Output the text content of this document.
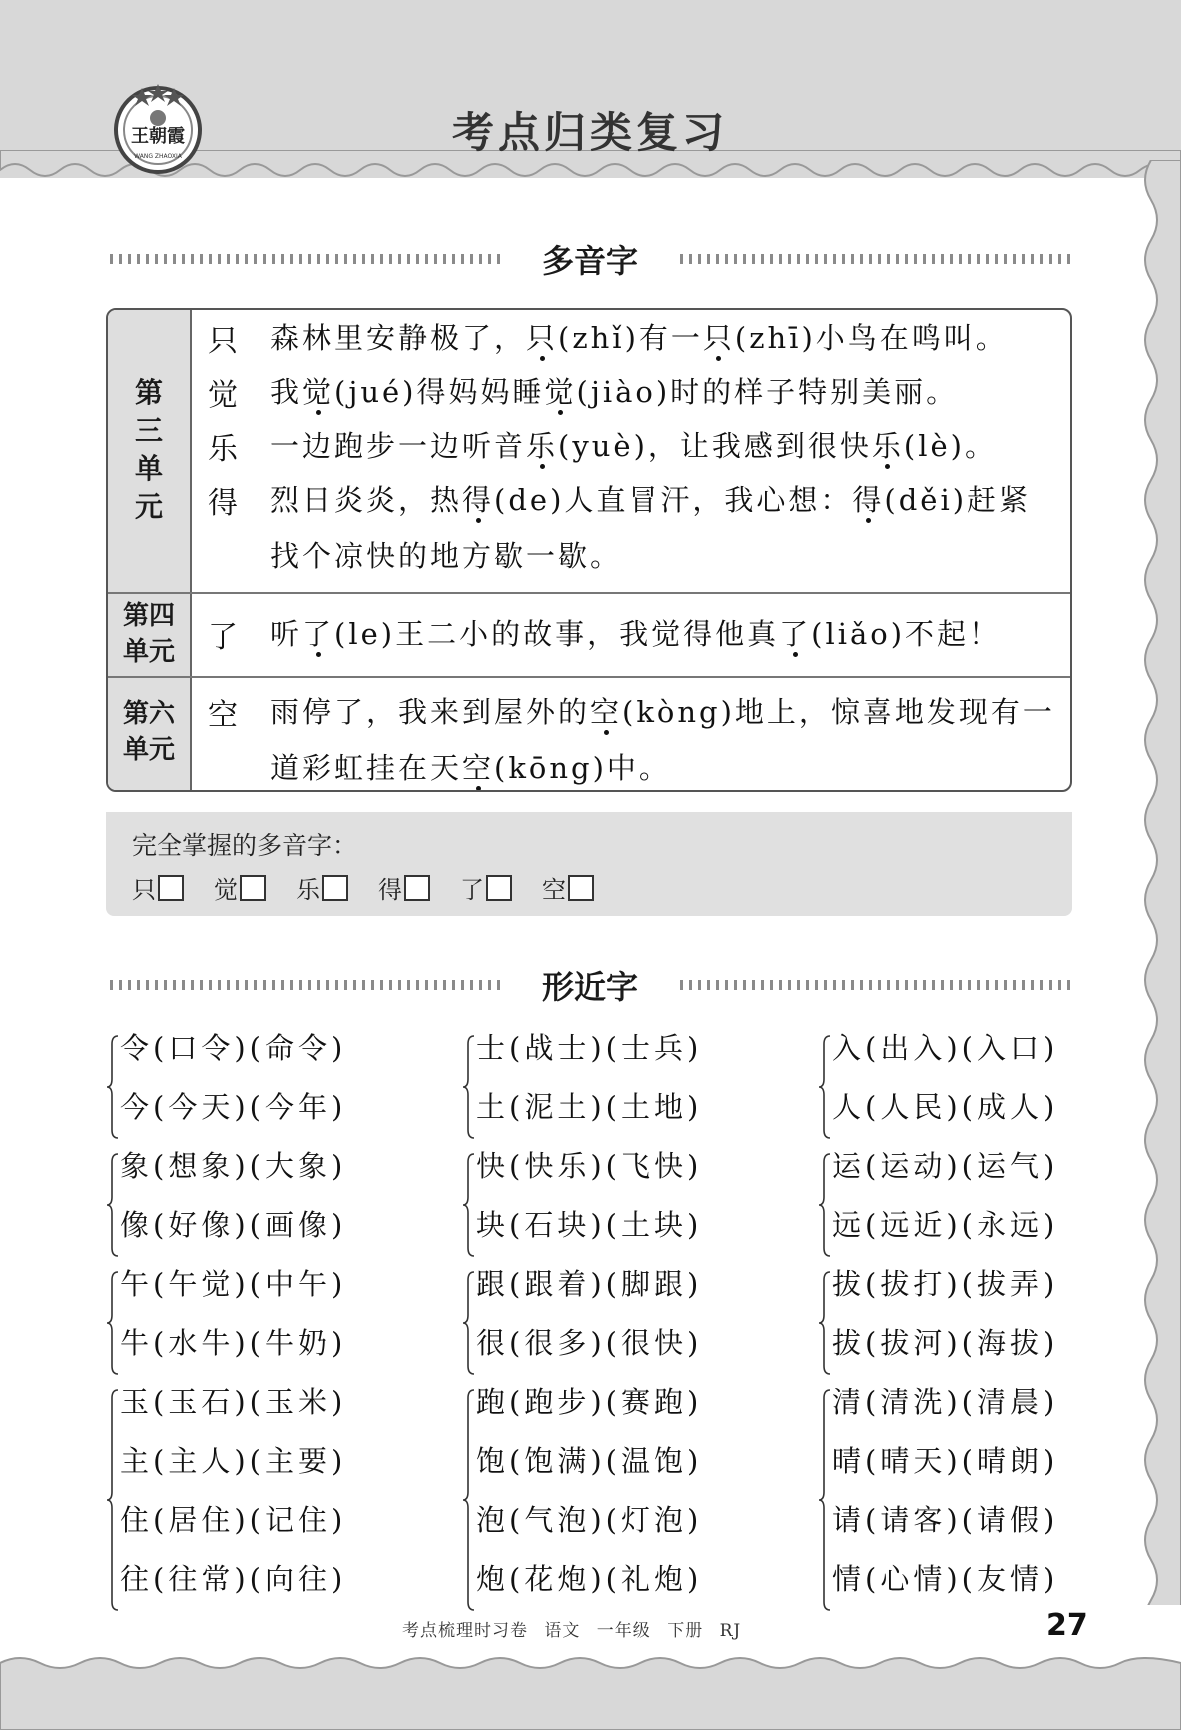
王朝霞
WANG ZHAOXIA	考点归类复习
多音字
第
三
单
元
第四
单元
第六
单元
只
觉
乐
得
了
空
森林里安静极了，只(zhǐ)有一只(zhī)小鸟在鸣叫。
我觉(jué)得妈妈睡觉(jiào)时的样子特别美丽。
一边跑步一边听音乐(yuè)，让我感到很快乐(lè)。
烈日炎炎，热得(de)人直冒汗，我心想：得(děi)赶紧找个凉快的地方歇一歇。
听了(le)王二小的故事，我觉得他真了(liǎo)不起！
雨停了，我来到屋外的空(kòng)地上，惊喜地发现有一道彩虹挂在天空(kōng)中。
完全掌握的多音字：
只 觉 乐 得 了 空
形近字
令(口令)(命令)
今(今天)(今年)
象(想象)(大象)
像(好像)(画像)
午(午觉)(中午)
牛(水牛)(牛奶)
玉(玉石)(玉米)
主(主人)(主要)
住(居住)(记住)
往(往常)(向往)
士(战士)(士兵)
土(泥土)(土地)
快(快乐)(飞快)
块(石块)(土块)
跟(跟着)(脚跟)
很(很多)(很快)
跑(跑步)(赛跑)
饱(饱满)(温饱)
泡(气泡)(灯泡)
炮(花炮)(礼炮)
入(出入)(入口)
人(人民)(成人)
运(运动)(运气)
远(远近)(永远)
拔(拔打)(拔弄)
拔(拔河)(海拔)
清(清洗)(清晨)
晴(晴天)(晴朗)
请(请客)(请假)
情(心情)(友情)
考点梳理时习卷 语文 一年级 下册 RJ	27
